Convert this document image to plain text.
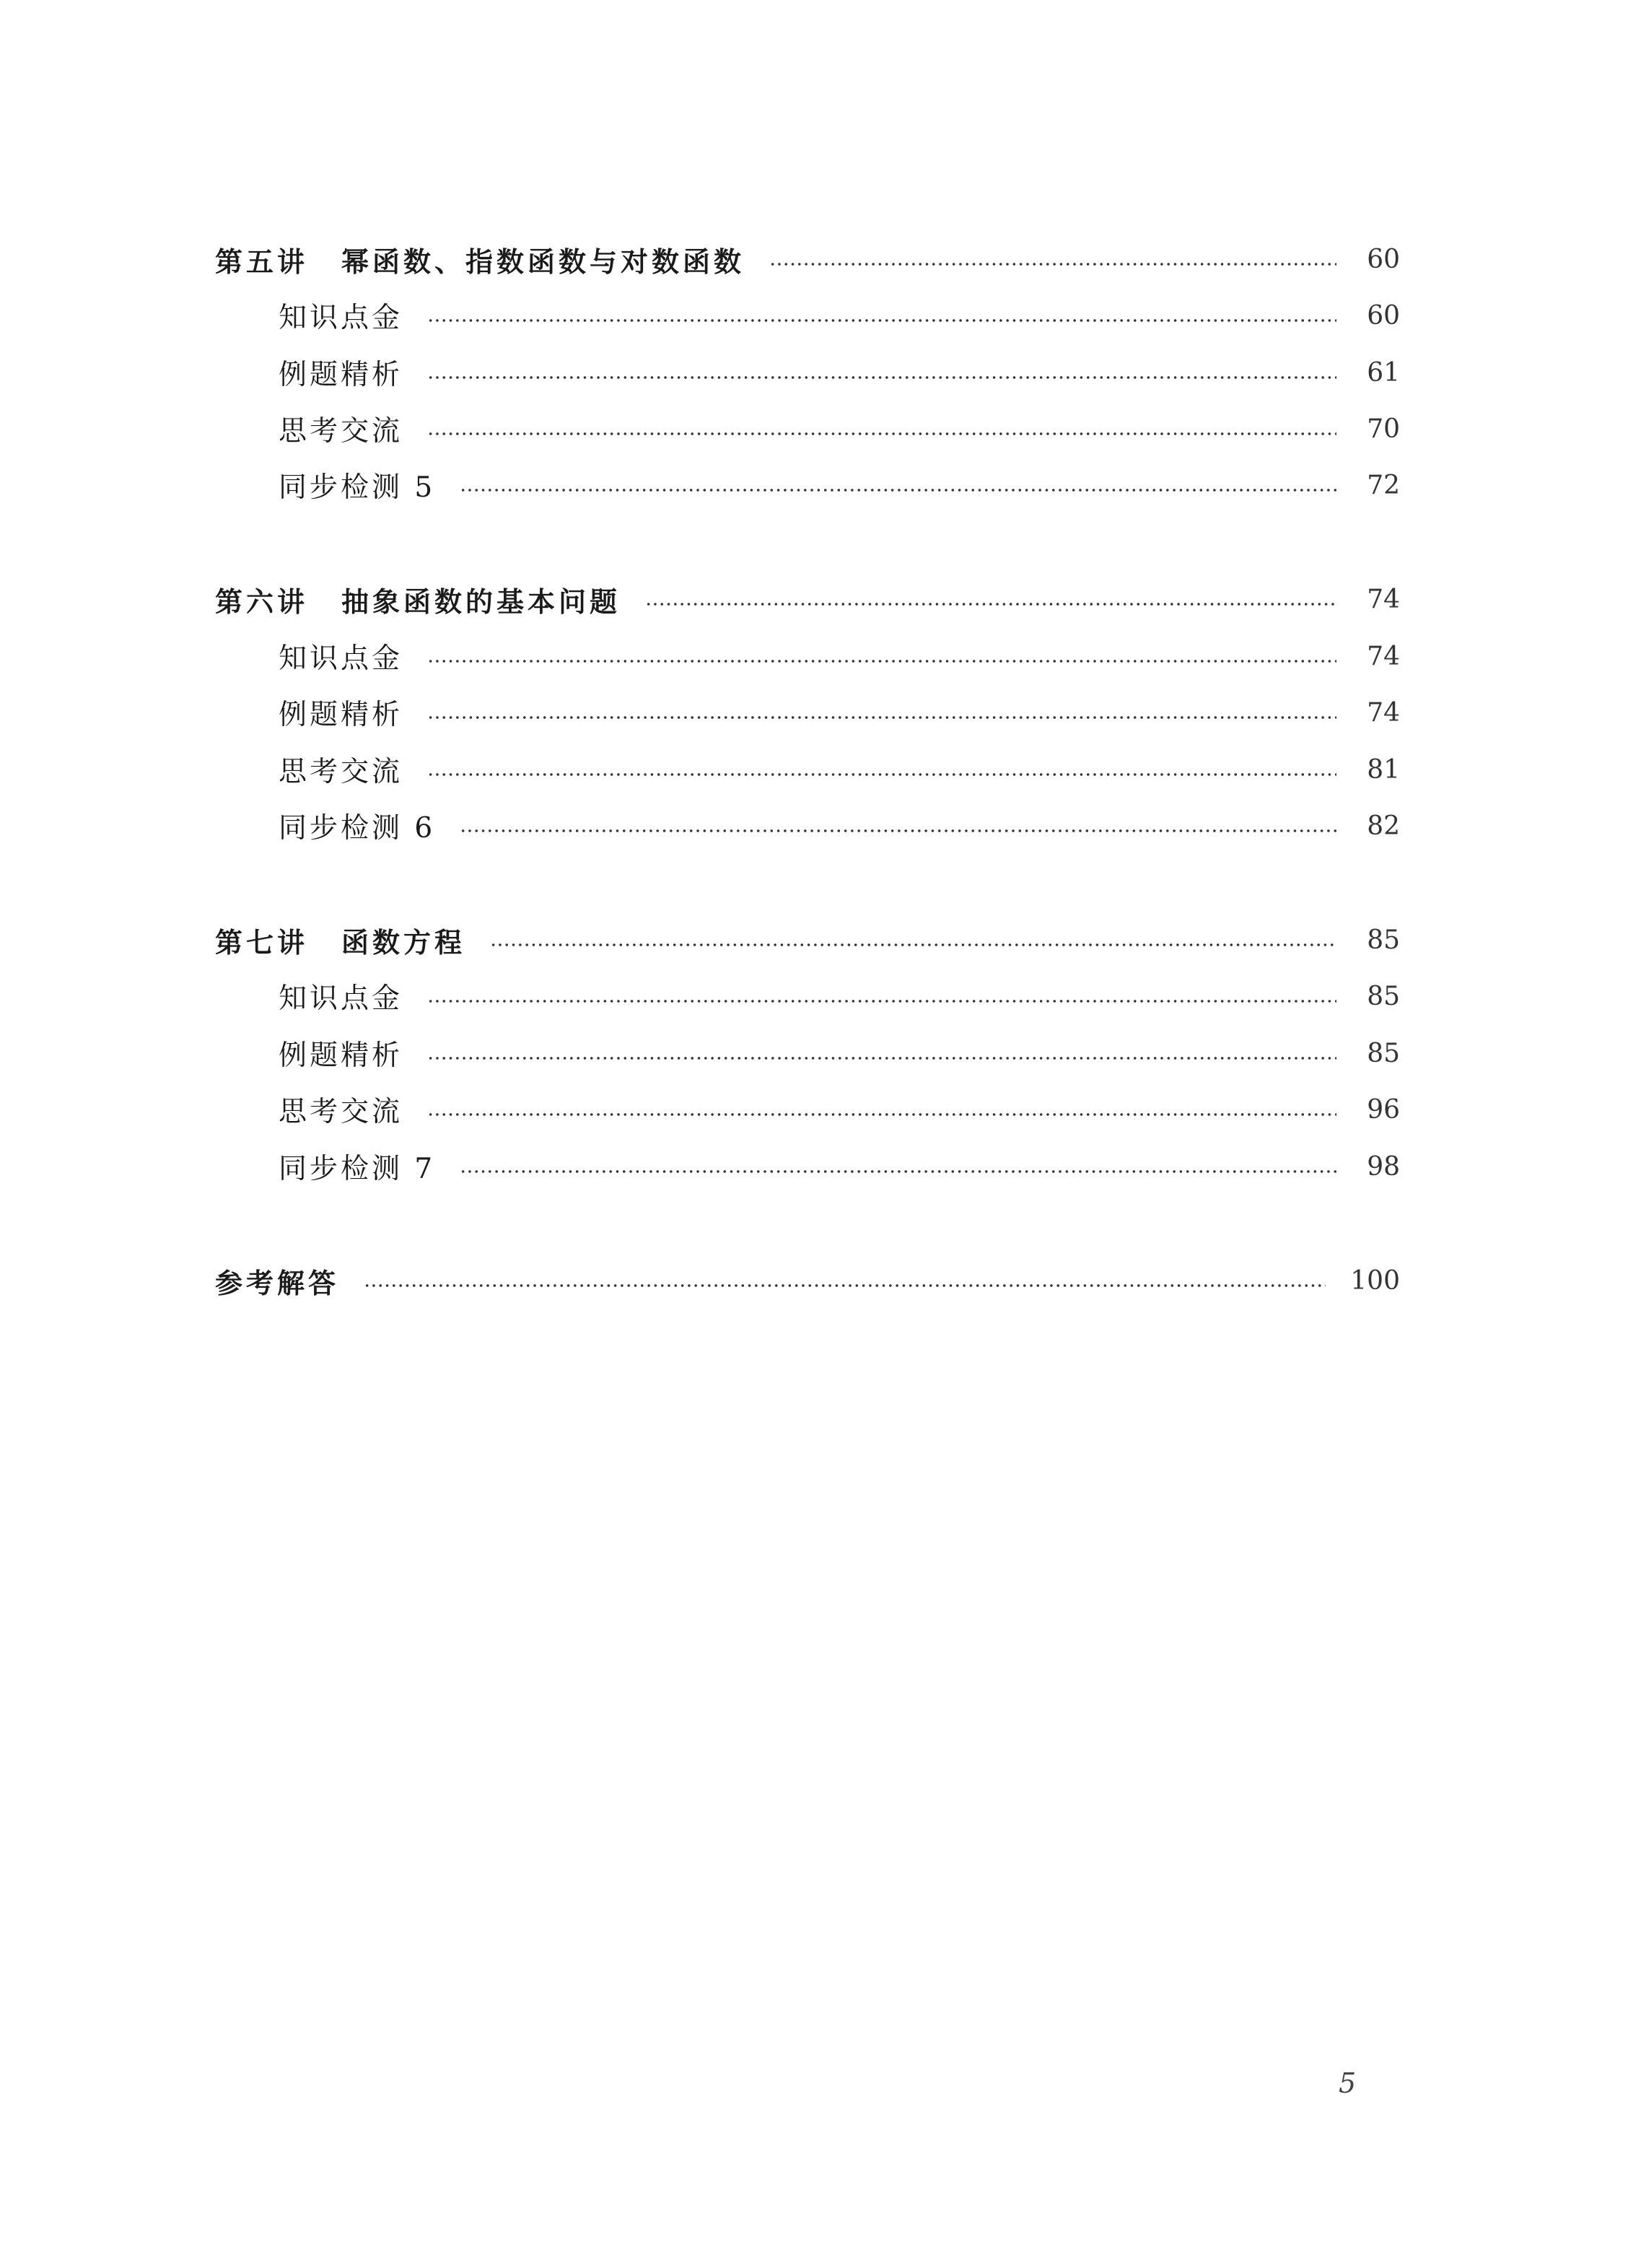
第五讲 幂函数、指数函数与对数函数	60
知识点金	60
例题精析	61
思考交流	70
同步检测 5	72
第六讲 抽象函数的基本问题	74
知识点金	74
例题精析	74
思考交流	81
同步检测 6	82
第七讲 函数方程	85
知识点金	85
例题精析	85
思考交流	96
同步检测 7	98
参考解答	100
5
